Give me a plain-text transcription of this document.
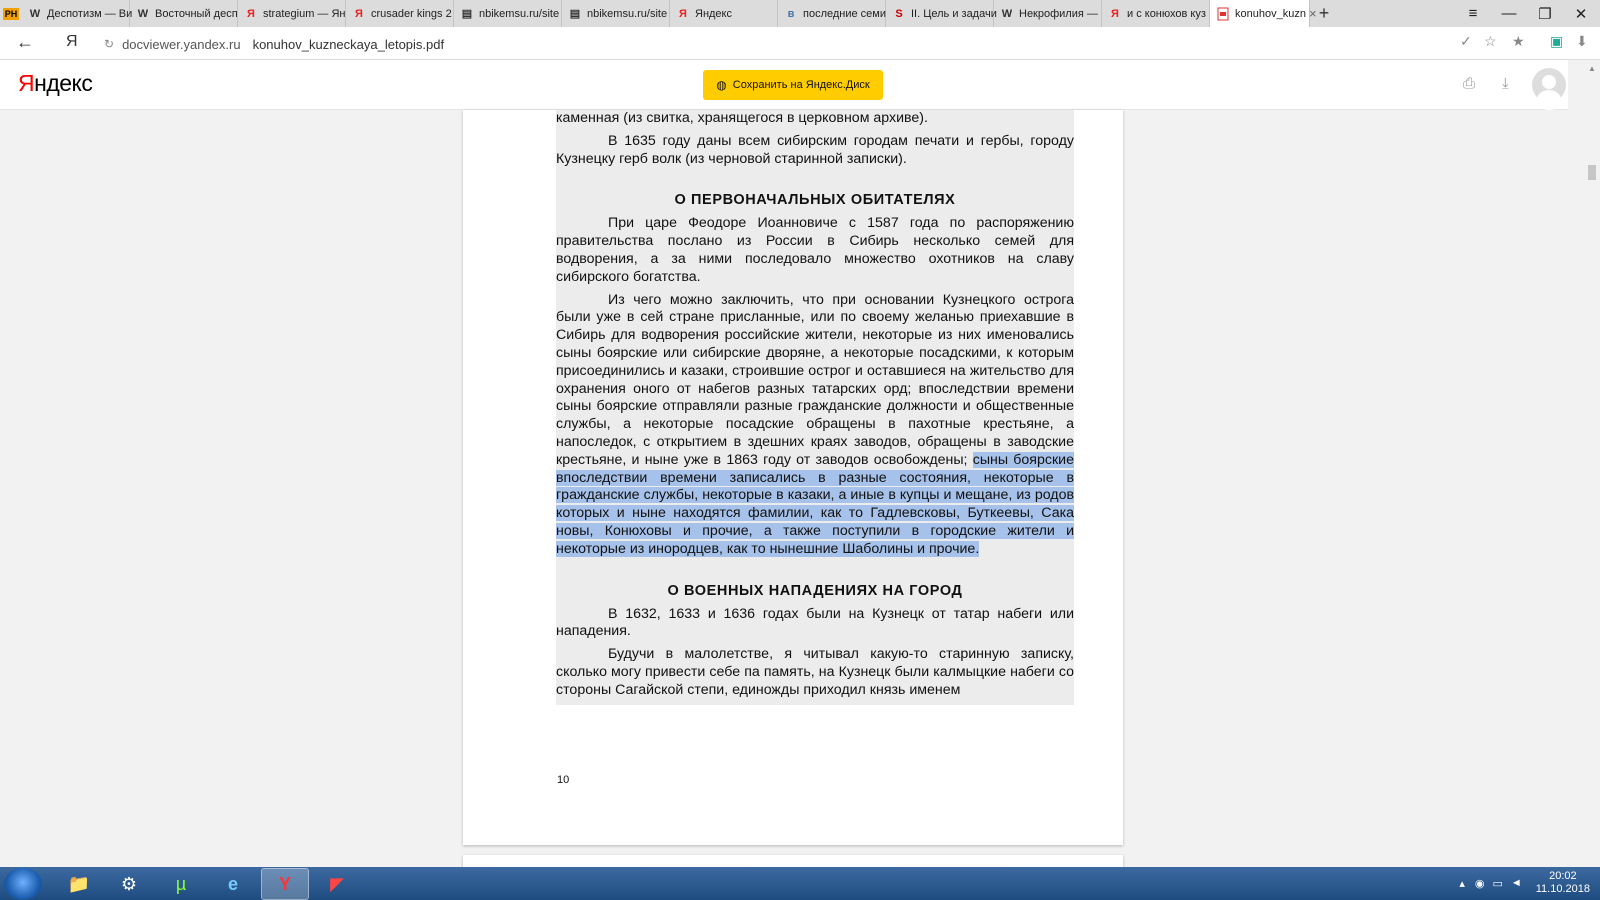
PH W Деспотизм — Ви W Восточный десп Я strategium — Ян Я crusader kings 2 ▤ nbikemsu.ru/site ▤ nbikemsu.ru/site Я Яндекс	в последние семи S II. Цель и задачи W Некрофилия — Я и с конюхов куз	konuhov_kuzn × +	≡	—	❐	✕
← Я ↻ docviewer.yandex.ru konuhov_kuzneckaya_letopis.pdf	✓ ☆ ★ ▣ ⬇
Яндекс	◍ Сохранить на Яндекс.Диск	⎙ ⤓

каменная (из свитка, хранящегося в церковном архиве).

В 1635 году даны всем сибирским городам печати и гербы, городу Кузнецку герб волк (из черновой старинной записки).

О ПЕРВОНАЧАЛЬНЫХ ОБИТАТЕЛЯХ

При царе Феодоре Иоанновиче с 1587 года по распоряжению правительства послано из России в Сибирь несколько семей для водворения, а за ними последовало множество охотников на славу сибирского богатства.

Из чего можно заключить, что при основании Кузнецкого острога были уже в сей стране присланные, или по своему желанью приехавшие в Сибирь для водворения российские жители, некоторые из них именовались сыны боярские или сибирские дворяне, а некоторые посадскими, к которым присоединились и казаки, строившие острог и оставшиеся на жительство для охранения оного от набегов разных татарских орд; впоследствии времени сыны боярские отправляли разные гражданские должности и общественные службы, а некоторые посадские обращены в пахотные крестьяне, а напоследок, с открытием в здешних краях заводов, обращены в заводские крестьяне, и ныне уже в 1863 году от заводов освобождены; сыны боярские впоследствии времени записались в разные состояния, некоторые в гражданские службы, некоторые в казаки, а иные в купцы и мещане, из родов которых и ныне находятся фамилии, как то Гадлевсковы, Буткеевы, Сака новы, Конюховы и прочие, а также поступили в городские жители и некоторые из инородцев, как то нынешние Шаболины и прочие.

О ВОЕННЫХ НАПАДЕНИЯХ НА ГОРОД

В 1632, 1633 и 1636 годах были на Кузнецк от татар набеги или нападения.

Будучи в малолетстве, я читывал какую-то старинную записку, сколько могу привести себе па память, на Кузнецк были калмыцкие набеги со стороны Сагайской степи, единожды приходил князь именем

10
▲
📁	⚙	µ	e	Y	◤	▴ ◉ ▭ ◄
20:02
11.10.2018
